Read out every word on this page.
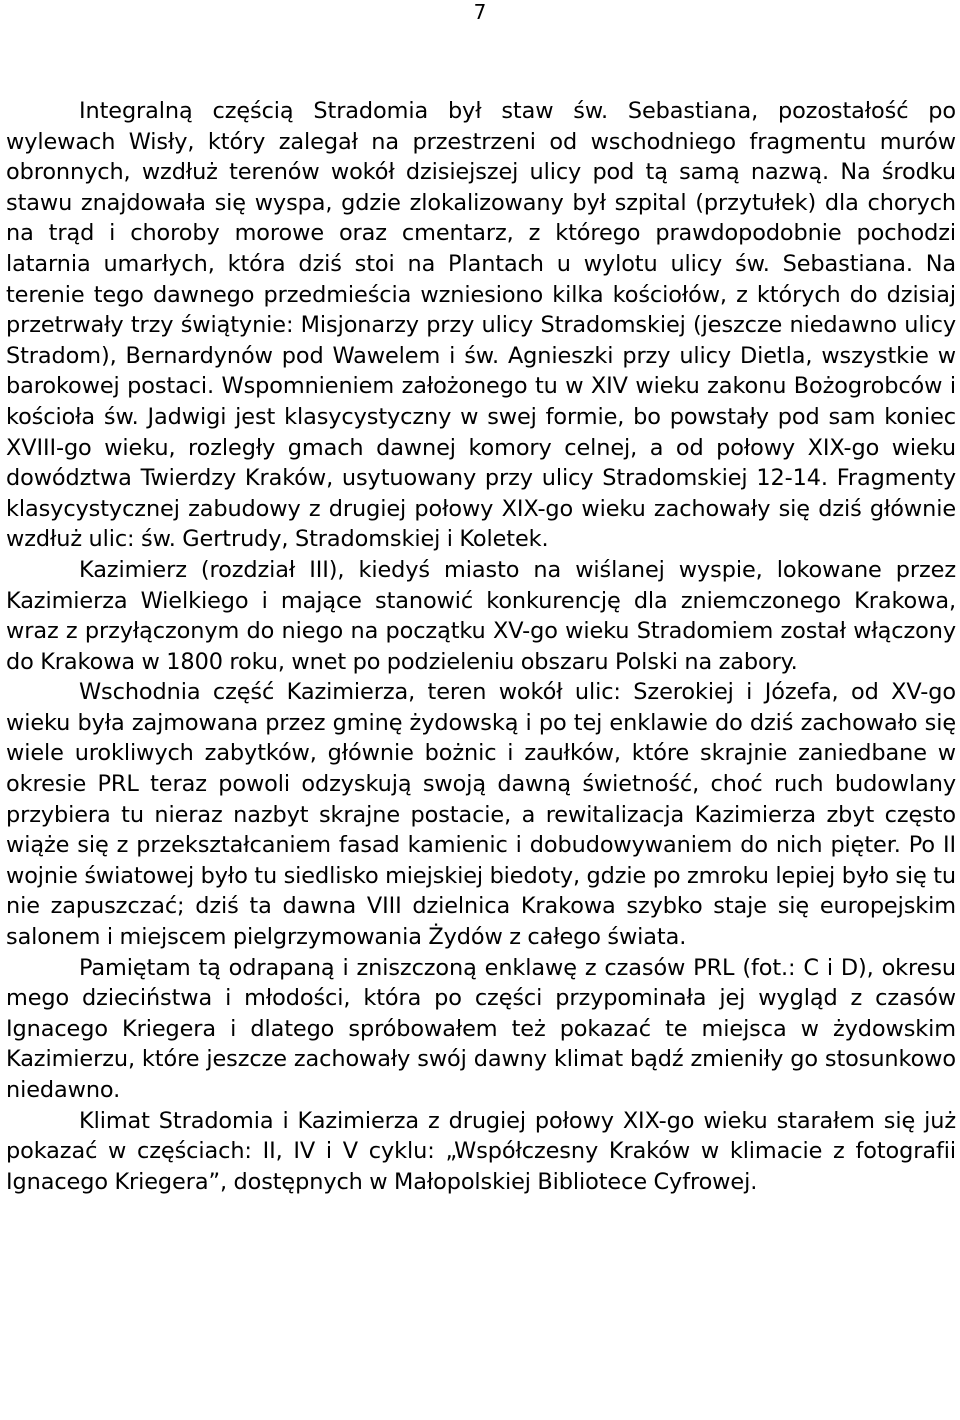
7

Integralną częścią Stradomia był staw św. Sebastiana, pozostałość po wylewach Wisły, który zalegał na przestrzeni od wschodniego fragmentu murów obronnych, wzdłuż terenów wokół dzisiejszej ulicy pod tą samą nazwą. Na środku stawu znajdowała się wyspa, gdzie zlokalizowany był szpital (przytułek) dla chorych na trąd i choroby morowe oraz cmentarz, z którego prawdopodobnie pochodzi latarnia umarłych, która dziś stoi na Plantach u wylotu ulicy św. Sebastiana. Na terenie tego dawnego przedmieścia wzniesiono kilka kościołów, z których do dzisiaj przetrwały trzy świątynie: Misjonarzy przy ulicy Stradomskiej (jeszcze niedawno ulicy Stradom), Bernardynów pod Wawelem i św. Agnieszki przy ulicy Dietla, wszystkie w barokowej postaci. Wspomnieniem założonego tu w XIV wieku zakonu Bożogrobców i kościoła św. Jadwigi jest klasycystyczny w swej formie, bo powstały pod sam koniec XVIII-go wieku, rozległy gmach dawnej komory celnej, a od połowy XIX-go wieku dowództwa Twierdzy Kraków, usytuowany przy ulicy Stradomskiej 12-14. Fragmenty klasycystycznej zabudowy z drugiej połowy XIX-go wieku zachowały się dziś głównie wzdłuż ulic: św. Gertrudy, Stradomskiej i Koletek.

Kazimierz (rozdział III), kiedyś miasto na wiślanej wyspie, lokowane przez Kazimierza Wielkiego i mające stanowić konkurencję dla zniemczonego Krakowa, wraz z przyłączonym do niego na początku XV-go wieku Stradomiem został włączony do Krakowa w 1800 roku, wnet po podzieleniu obszaru Polski na zabory.

Wschodnia część Kazimierza, teren wokół ulic: Szerokiej i Józefa, od XV-go wieku była zajmowana przez gminę żydowską i po tej enklawie do dziś zachowało się wiele urokliwych zabytków, głównie bożnic i zaułków, które skrajnie zaniedbane w okresie PRL teraz powoli odzyskują swoją dawną świetność, choć ruch budowlany przybiera tu nieraz nazbyt skrajne postacie, a rewitalizacja Kazimierza zbyt często wiąże się z przekształcaniem fasad kamienic i dobudowywaniem do nich pięter. Po II wojnie światowej było tu siedlisko miejskiej biedoty, gdzie po zmroku lepiej było się tu nie zapuszczać; dziś ta dawna VIII dzielnica Krakowa szybko staje się europejskim salonem i miejscem pielgrzymowania Żydów z całego świata.

Pamiętam tą odrapaną i zniszczoną enklawę z czasów PRL (fot.: C i D), okresu mego dzieciństwa i młodości, która po części przypominała jej wygląd z czasów Ignacego Kriegera i dlatego spróbowałem też pokazać te miejsca w żydowskim Kazimierzu, które jeszcze zachowały swój dawny klimat bądź zmieniły go stosunkowo niedawno.

Klimat Stradomia i Kazimierza z drugiej połowy XIX-go wieku starałem się już pokazać w częściach: II, IV i V cyklu: „Współczesny Kraków w klimacie z fotografii Ignacego Kriegera”, dostępnych w Małopolskiej Bibliotece Cyfrowej.
